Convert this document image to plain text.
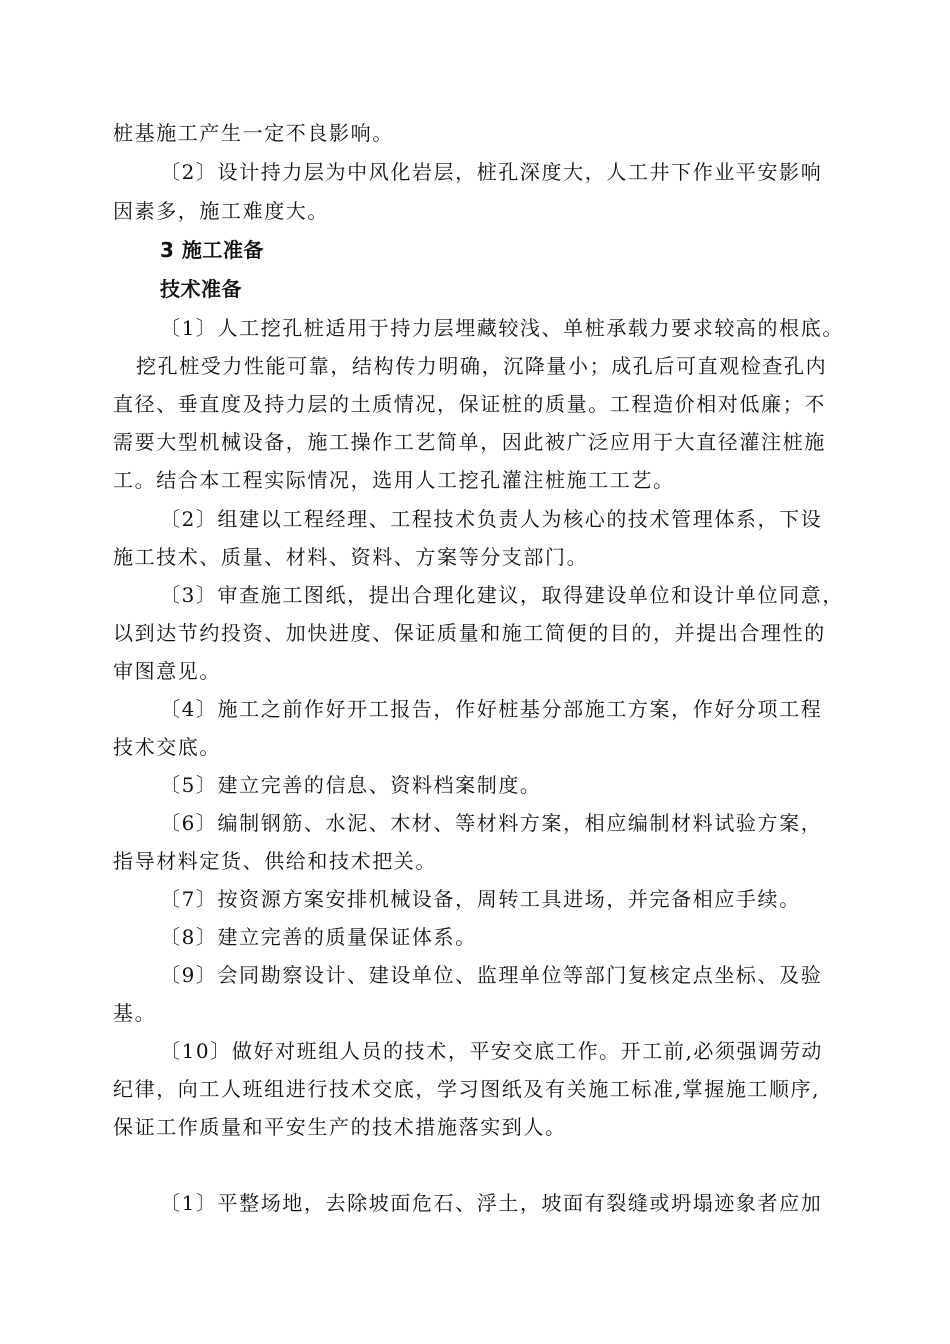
桩基施工产生一定不良影响。
〔2〕设计持力层为中风化岩层，桩孔深度大，人工井下作业平安影响
因素多，施工难度大。
3 施工准备
技术准备
〔1〕人工挖孔桩适用于持力层埋藏较浅、单桩承载力要求较高的根底。
挖孔桩受力性能可靠，结构传力明确，沉降量小；成孔后可直观检查孔内
直径、垂直度及持力层的土质情况，保证桩的质量。工程造价相对低廉；不
需要大型机械设备，施工操作工艺简单，因此被广泛应用于大直径灌注桩施
工。结合本工程实际情况，选用人工挖孔灌注桩施工工艺。
〔2〕组建以工程经理、工程技术负责人为核心的技术管理体系，下设
施工技术、质量、材料、资料、方案等分支部门。
〔3〕审查施工图纸，提出合理化建议，取得建设单位和设计单位同意，
以到达节约投资、加快进度、保证质量和施工简便的目的，并提出合理性的
审图意见。
〔4〕施工之前作好开工报告，作好桩基分部施工方案，作好分项工程
技术交底。
〔5〕建立完善的信息、资料档案制度。
〔6〕编制钢筋、水泥、木材、等材料方案，相应编制材料试验方案，
指导材料定货、供给和技术把关。
〔7〕按资源方案安排机械设备，周转工具进场，并完备相应手续。
〔8〕建立完善的质量保证体系。
〔9〕会同勘察设计、建设单位、监理单位等部门复核定点坐标、及验
基。
〔10〕做好对班组人员的技术，平安交底工作。开工前,必须强调劳动
纪律，向工人班组进行技术交底，学习图纸及有关施工标准,掌握施工顺序,
保证工作质量和平安生产的技术措施落实到人。
〔1〕平整场地，去除坡面危石、浮土，坡面有裂缝或坍塌迹象者应加
